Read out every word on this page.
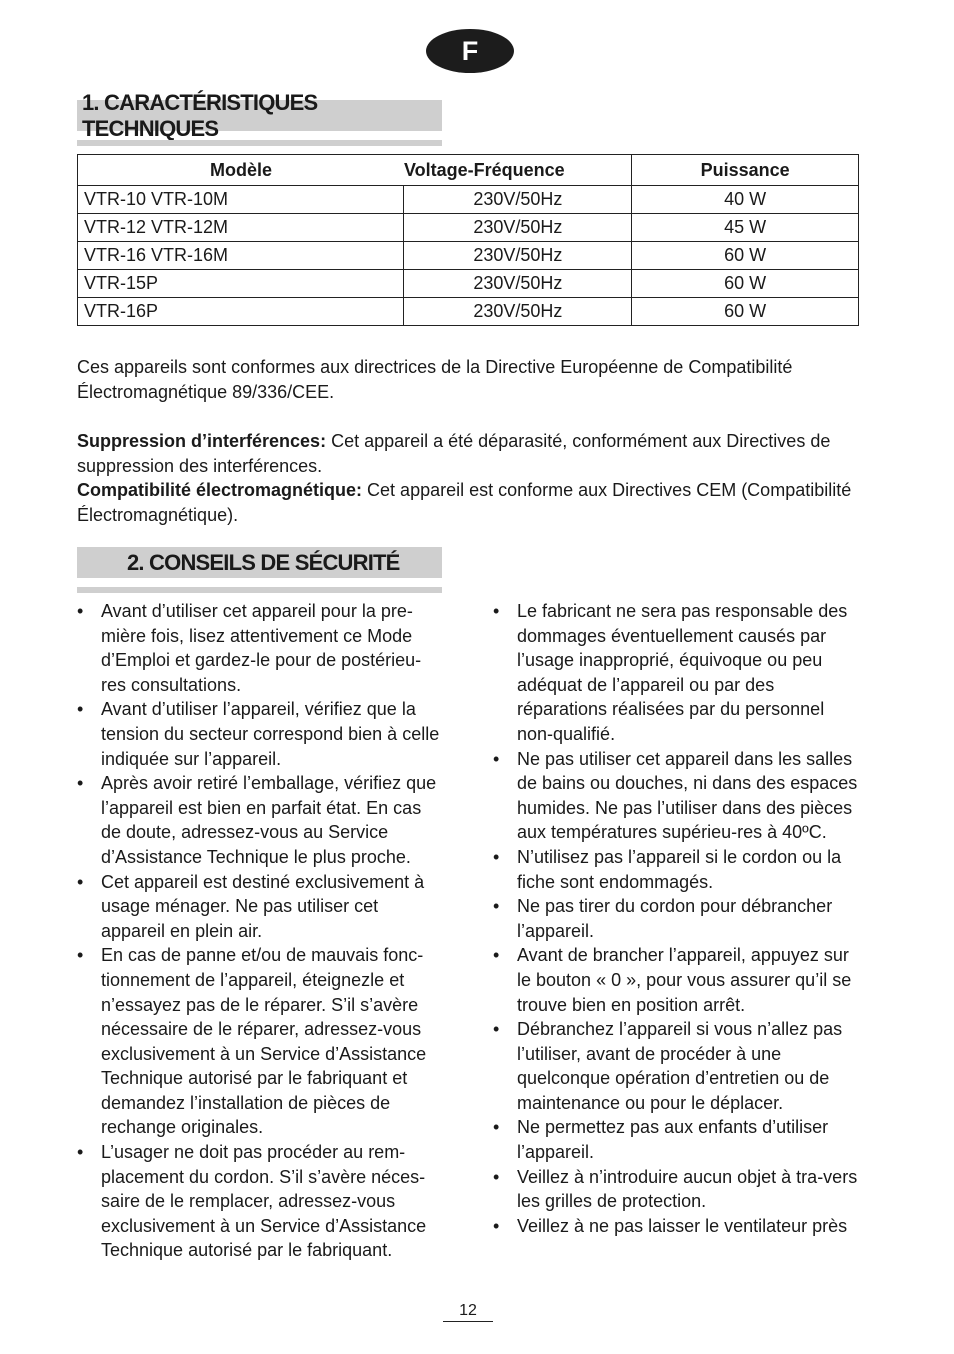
F
1. CARACTÉRISTIQUES TECHNIQUES
Modèle	Voltage-Fréquence	Puissance
VTR-10 VTR-10M	230V/50Hz	40 W
VTR-12 VTR-12M	230V/50Hz	45 W
VTR-16 VTR-16M	230V/50Hz	60 W
VTR-15P	230V/50Hz	60 W
VTR-16P	230V/50Hz	60 W

Ces appareils sont conformes aux directrices de la Directive Européenne de Compatibilité Électromagnétique 89/336/CEE.

Suppression d’interférences: Cet appareil a été déparasité, conformément aux Directives de suppression des interférences.

Compatibilité électromagnétique: Cet appareil est conforme aux Directives CEM (Compatibilité Électromagnétique).

2. CONSEILS DE SÉCURITÉ
• Avant d’utiliser cet appareil pour la pre-mière fois, lisez attentivement ce Mode d’Emploi et gardez-le pour de postérieu-res consultations.
• Avant d’utiliser l’appareil, vérifiez que la tension du secteur correspond bien à celle indiquée sur l’appareil.
• Après avoir retiré l’emballage, vérifiez que l’appareil est bien en parfait état. En cas de doute, adressez-vous au Service d’Assistance Technique le plus proche.
• Cet appareil est destiné exclusivement à usage ménager. Ne pas utiliser cet appareil en plein air.
• En cas de panne et/ou de mauvais fonc-tionnement de l’appareil, éteignezle et n’essayez pas de le réparer. S’il s’avère nécessaire de le réparer, adressez-vous exclusivement à un Service d’Assistance Technique autorisé par le fabriquant et demandez l’installation de pièces de rechange originales.
• L’usager ne doit pas procéder au rem-placement du cordon. S’il s’avère néces-saire de le remplacer, adressez-vous exclusivement à un Service d’Assistance Technique autorisé par le fabriquant.
• Le fabricant ne sera pas responsable des dommages éventuellement causés par l’usage inapproprié, équivoque ou peu adéquat de l’appareil ou par des réparations réalisées par du personnel non-qualifié.
• Ne pas utiliser cet appareil dans les salles de bains ou douches, ni dans des espaces humides. Ne pas l’utiliser dans des pièces aux températures supérieu-res à 40ºC.
• N’utilisez pas l’appareil si le cordon ou la fiche sont endommagés.
• Ne pas tirer du cordon pour débrancher l’appareil.
• Avant de brancher l’appareil, appuyez sur le bouton « 0 », pour vous assurer qu’il se trouve bien en position arrêt.
• Débranchez l’appareil si vous n’allez pas l’utiliser, avant de procéder à une quelconque opération d’entretien ou de maintenance ou pour le déplacer.
• Ne permettez pas aux enfants d’utiliser l’appareil.
• Veillez à n’introduire aucun objet à tra-vers les grilles de protection.
• Veillez à ne pas laisser le ventilateur près
12
